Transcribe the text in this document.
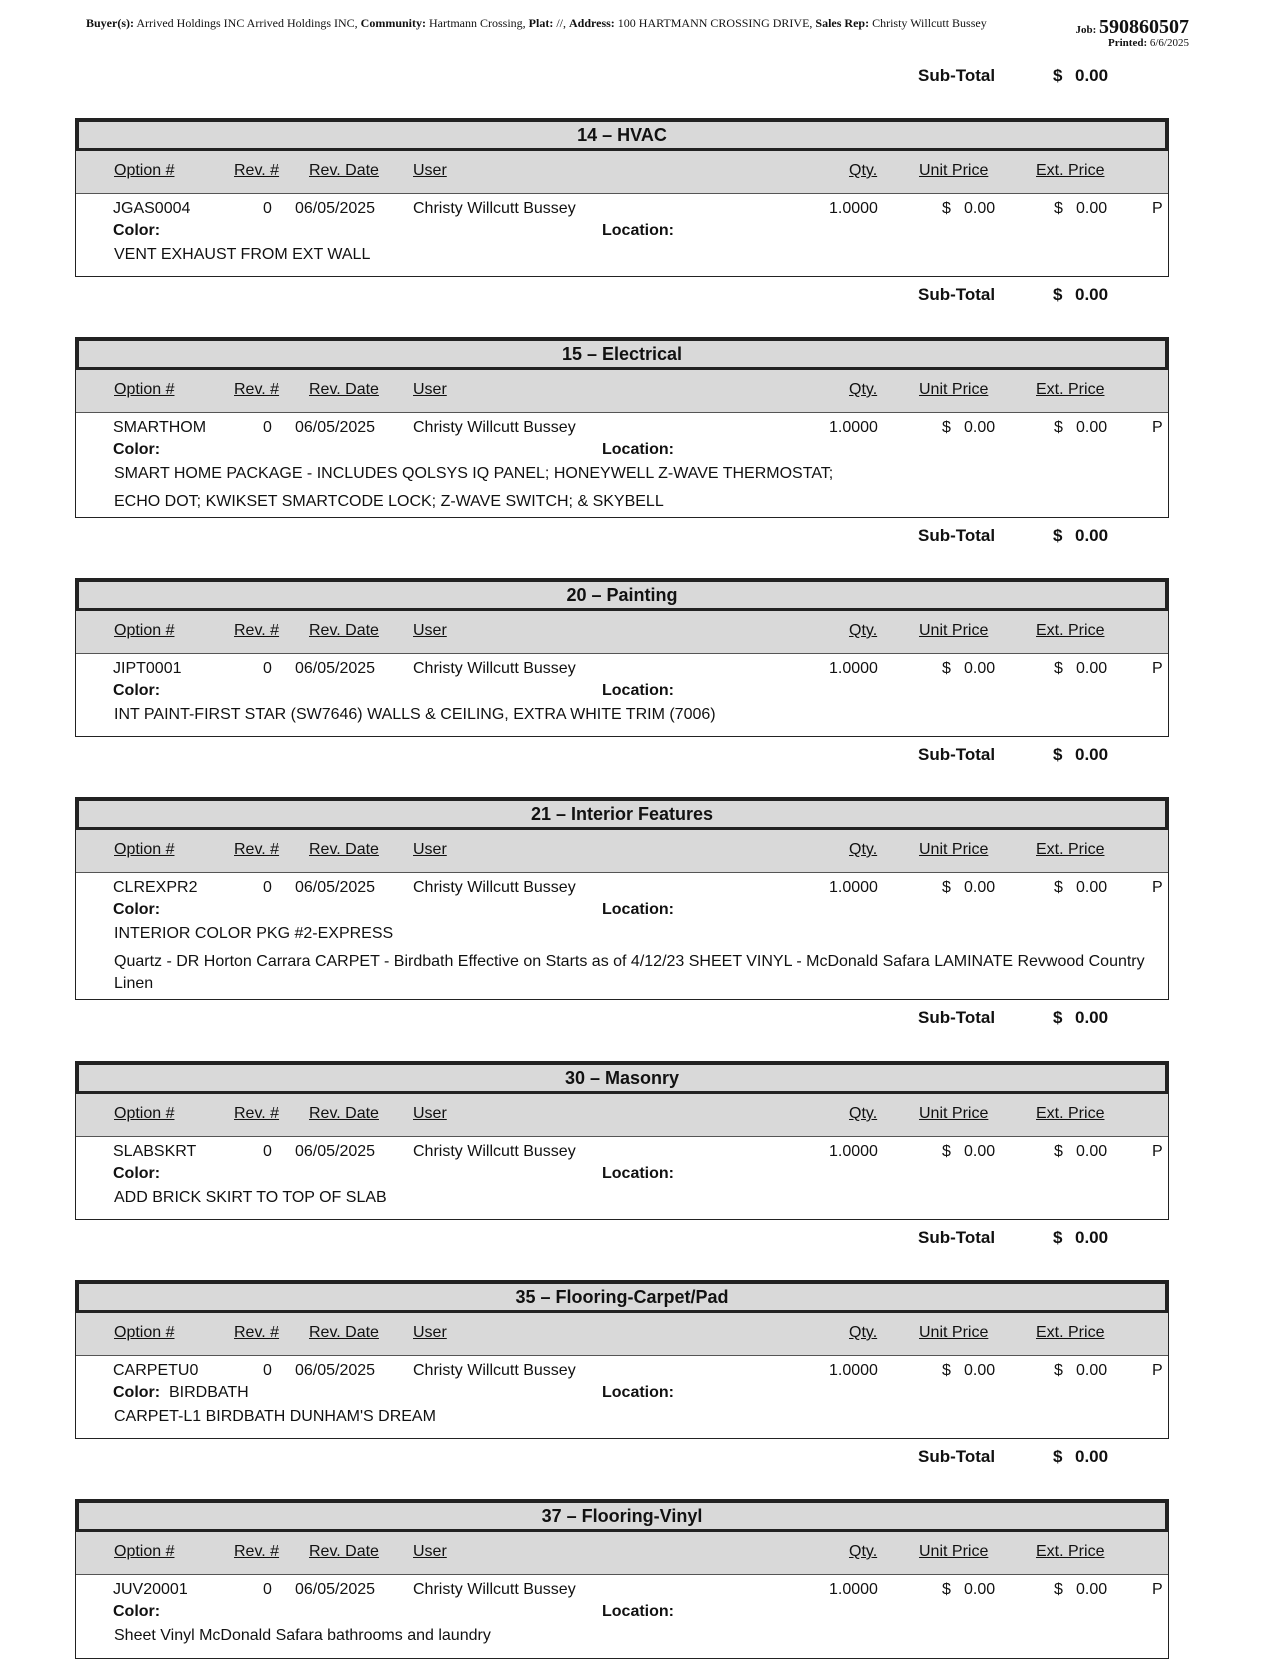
Buyer(s): Arrived Holdings INC Arrived Holdings INC, Community: Hartmann Crossing, Plat: //, Address: 100 HARTMANN CROSSING DRIVE, Sales Rep: Christy Willcutt Bussey	Job: 590860507
Printed: 6/6/2025
Sub-Total	$ 0.00
14 – HVAC
Option #	Rev. # Rev. Date User	Qty.	Unit Price	Ext. Price
JGAS0004	0 06/05/2025 Christy Willcutt Bussey	1.0000	$ 0.00	$ 0.00	P
Color:	Location:
VENT EXHAUST FROM EXT WALL
Sub-Total	$ 0.00
15 – Electrical
Option #	Rev. # Rev. Date User	Qty.	Unit Price	Ext. Price
SMARTHOM	0 06/05/2025 Christy Willcutt Bussey	1.0000	$ 0.00	$ 0.00	P
Color:	Location:
SMART HOME PACKAGE - INCLUDES QOLSYS IQ PANEL; HONEYWELL Z-WAVE THERMOSTAT;
ECHO DOT; KWIKSET SMARTCODE LOCK; Z-WAVE SWITCH; & SKYBELL
Sub-Total	$ 0.00
20 – Painting
Option #	Rev. # Rev. Date User	Qty.	Unit Price	Ext. Price
JIPT0001	0 06/05/2025 Christy Willcutt Bussey	1.0000	$ 0.00	$ 0.00	P
Color:	Location:
INT PAINT-FIRST STAR (SW7646) WALLS & CEILING, EXTRA WHITE TRIM (7006)
Sub-Total	$ 0.00
21 – Interior Features
Option #	Rev. # Rev. Date User	Qty.	Unit Price	Ext. Price
CLREXPR2	0 06/05/2025 Christy Willcutt Bussey	1.0000	$ 0.00	$ 0.00	P
Color:	Location:
INTERIOR COLOR PKG #2-EXPRESS
Quartz - DR Horton Carrara CARPET - Birdbath Effective on Starts as of 4/12/23 SHEET VINYL - McDonald Safara LAMINATE Revwood Country Linen
Sub-Total	$ 0.00
30 – Masonry
Option #	Rev. # Rev. Date User	Qty.	Unit Price	Ext. Price
SLABSKRT	0 06/05/2025 Christy Willcutt Bussey	1.0000	$ 0.00	$ 0.00	P
Color:	Location:
ADD BRICK SKIRT TO TOP OF SLAB
Sub-Total	$ 0.00
35 – Flooring-Carpet/Pad
Option #	Rev. # Rev. Date User	Qty.	Unit Price	Ext. Price
CARPETU0	0 06/05/2025 Christy Willcutt Bussey	1.0000	$ 0.00	$ 0.00	P
Color: BIRDBATH	Location:
CARPET-L1 BIRDBATH DUNHAM'S DREAM
Sub-Total	$ 0.00
37 – Flooring-Vinyl
Option #	Rev. # Rev. Date User	Qty.	Unit Price	Ext. Price
JUV20001	0 06/05/2025 Christy Willcutt Bussey	1.0000	$ 0.00	$ 0.00	P
Color:	Location:
Sheet Vinyl McDonald Safara bathrooms and laundry
